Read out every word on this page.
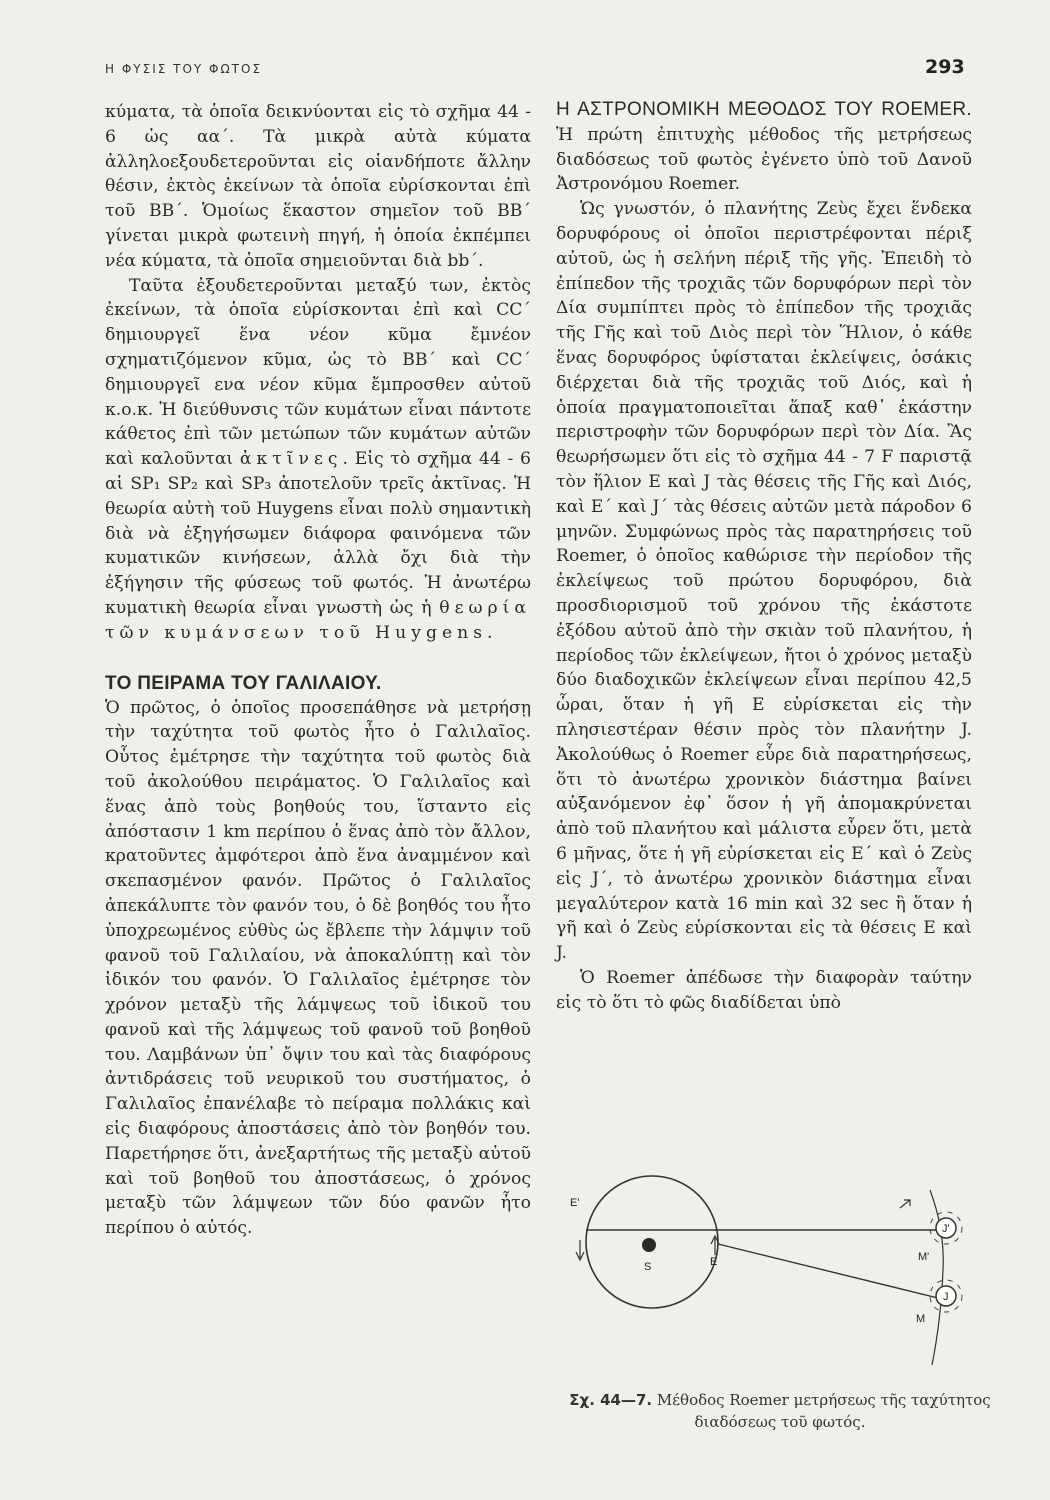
Η ΦΥΣΙΣ ΤΟΥ ΦΩΤΟΣ	293

κύματα, τὰ ὁποῖα δεικνύονται εἰς τὸ σχῆμα 44 - 6 ὡς αα΄. Τὰ μικρὰ αὐτὰ κύματα ἀλληλοεξουδετεροῦνται εἰς οἱανδήποτε ἄλλην θέσιν, ἐκτὸς ἐκείνων τὰ ὁποῖα εὑρίσκονται ἐπὶ τοῦ BB΄. Ὁμοίως ἕκαστον σημεῖον τοῦ BB΄ γίνεται μικρὰ φωτεινὴ πηγή, ἡ ὁποία ἐκπέμπει νέα κύματα, τὰ ὁποῖα σημειοῦνται διὰ bb΄.

Ταῦτα ἐξουδετεροῦνται μεταξύ των, ἐκτὸς ἐκείνων, τὰ ὁποῖα εὑρίσκονται ἐπὶ καὶ CC΄ δημιουργεῖ ἕνα νέον κῦμα ἔμνέον σχηματιζόμενον κῦμα, ὡς τὸ BB΄ καὶ CC΄ δημιουργεῖ ενα νέον κῦμα ἔμπροσθεν αὐτοῦ κ.ο.κ. Ἡ διεύθυνσις τῶν κυμάτων εἶναι πάντοτε κάθετος ἐπὶ τῶν μετώπων τῶν κυμάτων αὐτῶν καὶ καλοῦνται ἀκτῖνες. Εἰς τὸ σχῆμα 44 - 6 αἱ SP₁ SP₂ καὶ SP₃ ἀποτελοῦν τρεῖς ἀκτῖνας. Ἡ θεωρία αὐτὴ τοῦ Huygens εἶναι πολὺ σημαντικὴ διὰ νὰ ἐξηγήσωμεν διάφορα φαινόμενα τῶν κυματικῶν κινήσεων, ἀλλὰ ὄχι διὰ τὴν ἐξήγησιν τῆς φύσεως τοῦ φωτός. Ἡ ἀνωτέρω κυματικὴ θεωρία εἶναι γνωστὴ ὡς ἡ θεωρία τῶν κυμάνσεων τοῦ Huygens.

ΤΟ ΠΕΙΡΑΜΑ ΤΟΥ ΓΑΛΙΛΑΙΟΥ.

Ὁ πρῶτος, ὁ ὁποῖος προσεπάθησε νὰ μετρήσῃ τὴν ταχύτητα τοῦ φωτὸς ἦτο ὁ Γαλιλαῖος. Οὗτος ἐμέτρησε τὴν ταχύτητα τοῦ φωτὸς διὰ τοῦ ἀκολούθου πειράματος. Ὁ Γαλιλαῖος καὶ ἕνας ἀπὸ τοὺς βοηθούς του, ἵσταντο εἰς ἀπόστασιν 1 km περίπου ὁ ἕνας ἀπὸ τὸν ἄλλον, κρατοῦντες ἀμφότεροι ἀπὸ ἕνα ἀναμμένον καὶ σκεπασμένον φανόν. Πρῶτος ὁ Γαλιλαῖος ἀπεκάλυπτε τὸν φανόν του, ὁ δὲ βοηθός του ἦτο ὑποχρεωμένος εὐθὺς ὡς ἔβλεπε τὴν λάμψιν τοῦ φανοῦ τοῦ Γαλιλαίου, νὰ ἀποκαλύπτῃ καὶ τὸν ἰδικόν του φανόν. Ὁ Γαλιλαῖος ἐμέτρησε τὸν χρόνον μεταξὺ τῆς λάμψεως τοῦ ἰδικοῦ του φανοῦ καὶ τῆς λάμψεως τοῦ φανοῦ τοῦ βοηθοῦ του. Λαμβάνων ὑπ᾽ ὄψιν του καὶ τὰς διαφόρους ἀντιδράσεις τοῦ νευρικοῦ του συστήματος, ὁ Γαλιλαῖος ἐπανέλαβε τὸ πείραμα πολλάκις καὶ εἰς διαφόρους ἀποστάσεις ἀπὸ τὸν βοηθόν του. Παρετήρησε ὅτι, ἀνεξαρτήτως τῆς μεταξὺ αὐτοῦ καὶ τοῦ βοηθοῦ του ἀποστάσεως, ὁ χρόνος μεταξὺ τῶν λάμψεων τῶν δύο φανῶν ἦτο περίπου ὁ αὐτός.

Η ΑΣΤΡΟΝΟΜΙΚΗ ΜΕΘΟΔΟΣ ΤΟΥ ROEMER. Ἡ πρώτη ἐπιτυχὴς μέθοδος τῆς μετρήσεως διαδόσεως τοῦ φωτὸς ἐγένετο ὑπὸ τοῦ Δανοῦ Ἀστρονόμου Roemer.

Ὡς γνωστόν, ὁ πλανήτης Ζεὺς ἔχει ἕνδεκα δορυφόρους οἱ ὁποῖοι περιστρέφονται πέριξ αὐτοῦ, ὡς ἡ σελήνη πέριξ τῆς γῆς. Ἐπειδὴ τὸ ἐπίπεδον τῆς τροχιᾶς τῶν δορυφόρων περὶ τὸν Δία συμπίπτει πρὸς τὸ ἐπίπεδον τῆς τροχιᾶς τῆς Γῆς καὶ τοῦ Διὸς περὶ τὸν Ἥλιον, ὁ κάθε ἕνας δορυφόρος ὑφίσταται ἐκλείψεις, ὁσάκις διέρχεται διὰ τῆς τροχιᾶς τοῦ Διός, καὶ ἡ ὁποία πραγματοποιεῖται ἅπαξ καθ᾽ ἑκάστην περιστροφὴν τῶν δορυφόρων περὶ τὸν Δία. Ἂς θεωρήσωμεν ὅτι εἰς τὸ σχῆμα 44 - 7 F παριστᾷ τὸν ἥλιον E καὶ J τὰς θέσεις τῆς Γῆς καὶ Διός, καὶ E΄ καὶ J΄ τὰς θέσεις αὐτῶν μετὰ πάροδον 6 μηνῶν. Συμφώνως πρὸς τὰς παρατηρήσεις τοῦ Roemer, ὁ ὁποῖος καθώρισε τὴν περίοδον τῆς ἐκλείψεως τοῦ πρώτου δορυφόρου, διὰ προσδιορισμοῦ τοῦ χρόνου τῆς ἑκάστοτε ἐξόδου αὐτοῦ ἀπὸ τὴν σκιὰν τοῦ πλανήτου, ἡ περίοδος τῶν ἐκλείψεων, ἤτοι ὁ χρόνος μεταξὺ δύο διαδοχικῶν ἐκλείψεων εἶναι περίπου 42,5 ὧραι, ὅταν ἡ γῆ E εὑρίσκεται εἰς τὴν πλησιεστέραν θέσιν πρὸς τὸν πλανήτην J. Ἀκολούθως ὁ Roemer εὗρε διὰ παρατηρήσεως, ὅτι τὸ ἀνωτέρω χρονικὸν διάστημα βαίνει αὐξανόμενον ἐφ᾽ ὅσον ἡ γῆ ἀπομακρύνεται ἀπὸ τοῦ πλανήτου καὶ μάλιστα εὗρεν ὅτι, μετὰ 6 μῆνας, ὅτε ἡ γῆ εὑρίσκεται εἰς E΄ καὶ ὁ Ζεὺς εἰς J΄, τὸ ἀνωτέρω χρονικὸν διάστημα εἶναι μεγαλύτερον κατὰ 16 min καὶ 32 sec ἢ ὅταν ἡ γῆ καὶ ὁ Ζεὺς εὑρίσκονται εἰς τὰ θέσεις E καὶ J.

Ὁ Roemer ἀπέδωσε τὴν διαφορὰν ταύτην εἰς τὸ ὅτι τὸ φῶς διαδίδεται ὑπὸ

E'
S	E
J'
M'
J
M
Σχ. 44—7. Μέθοδος Roemer μετρήσεως τῆς ταχύτητος διαδόσεως τοῦ φωτός.
